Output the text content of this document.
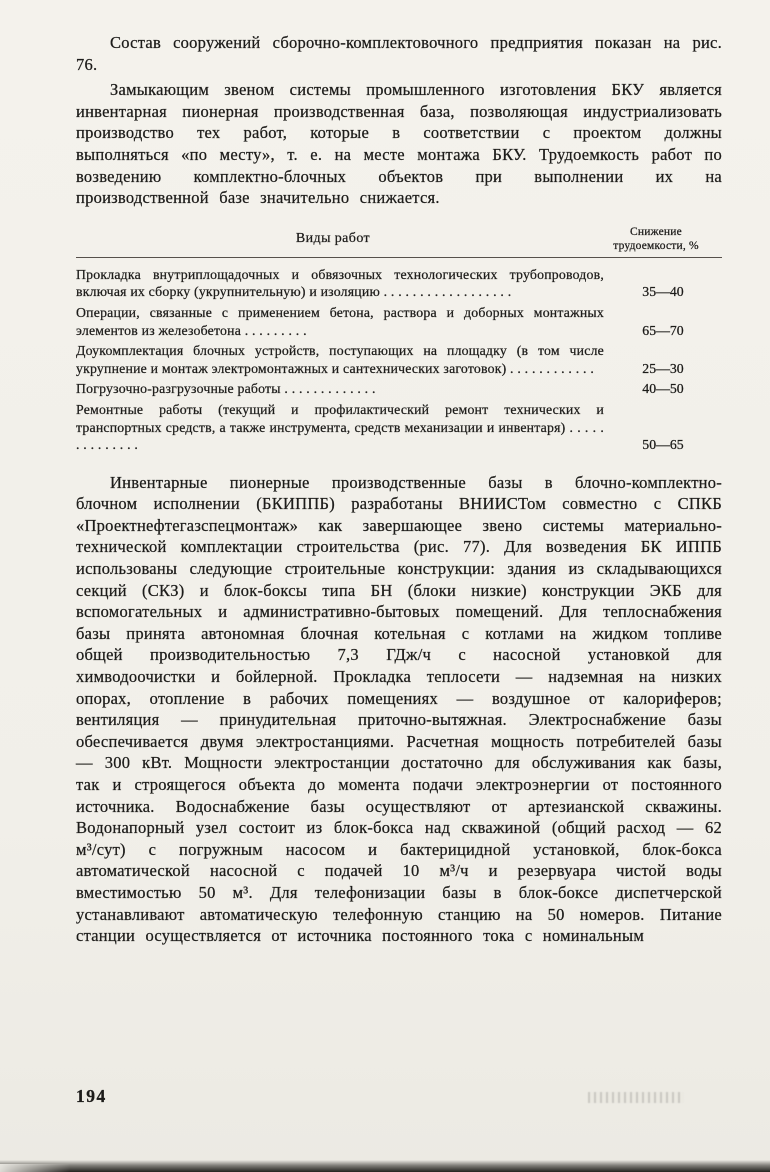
Состав сооружений сборочно-комплектовочного предприятия показан на рис. 76.

Замыкающим звеном системы промышленного изготовления БКУ является инвентарная пионерная производственная база, позволяющая индустриализовать производство тех работ, которые в соответствии с проектом должны выполняться «по месту», т. е. на месте монтажа БКУ. Трудоемкость работ по возведению комплектно-блочных объектов при выполнении их на производственной базе значительно снижается.

Виды работ	Снижение
трудоемкости, %
Прокладка внутриплощадочных и обвязочных технологических трубопроводов, включая их сборку (укрупнительную) и изоляцию . . . . . . . . . . . . . . . . . .	35—40
Операции, связанные с применением бетона, раствора и доборных монтажных элементов из железобетона . . . . . . . . .	65—70
Доукомплектация блочных устройств, поступающих на площадку (в том числе укрупнение и монтаж электромонтажных и сантехнических заготовок) . . . . . . . . . . . .	25—30
Погрузочно-разгрузочные работы . . . . . . . . . . . . .	40—50
Ремонтные работы (текущий и профилактический ремонт технических и транспортных средств, а также инструмента, средств механизации и инвентаря) . . . . . . . . . . . . . .	50—65

Инвентарные пионерные производственные базы в блочно-комплектно-блочном исполнении (БКИППБ) разработаны ВНИИСТом совместно с СПКБ «Проектнефтегазспецмонтаж» как завершающее звено системы материально-технической комплектации строительства (рис. 77). Для возведения БК ИППБ использованы следующие строительные конструкции: здания из складывающихся секций (СКЗ) и блок-боксы типа БН (блоки низкие) конструкции ЭКБ для вспомогательных и административно-бытовых помещений. Для теплоснабжения базы принята автономная блочная котельная с котлами на жидком топливе общей производительностью 7,3 ГДж/ч с насосной установкой для химводоочистки и бойлерной. Прокладка теплосети — надземная на низких опорах, отопление в рабочих помещениях — воздушное от калориферов; вентиляция — принудительная приточно-вытяжная. Электроснабжение базы обеспечивается двумя электростанциями. Расчетная мощность потребителей базы — 300 кВт. Мощности электростанции достаточно для обслуживания как базы, так и строящегося объекта до момента подачи электроэнергии от постоянного источника. Водоснабжение базы осуществляют от артезианской скважины. Водонапорный узел состоит из блок-бокса над скважиной (общий расход — 62 м³/сут) с погружным насосом и бактерицидной установкой, блок-бокса автоматической насосной с подачей 10 м³/ч и резервуара чистой воды вместимостью 50 м³. Для телефонизации базы в блок-боксе диспетчерской устанавливают автоматическую телефонную станцию на 50 номеров. Питание станции осуществляется от источника постоянного тока с номинальным

194
